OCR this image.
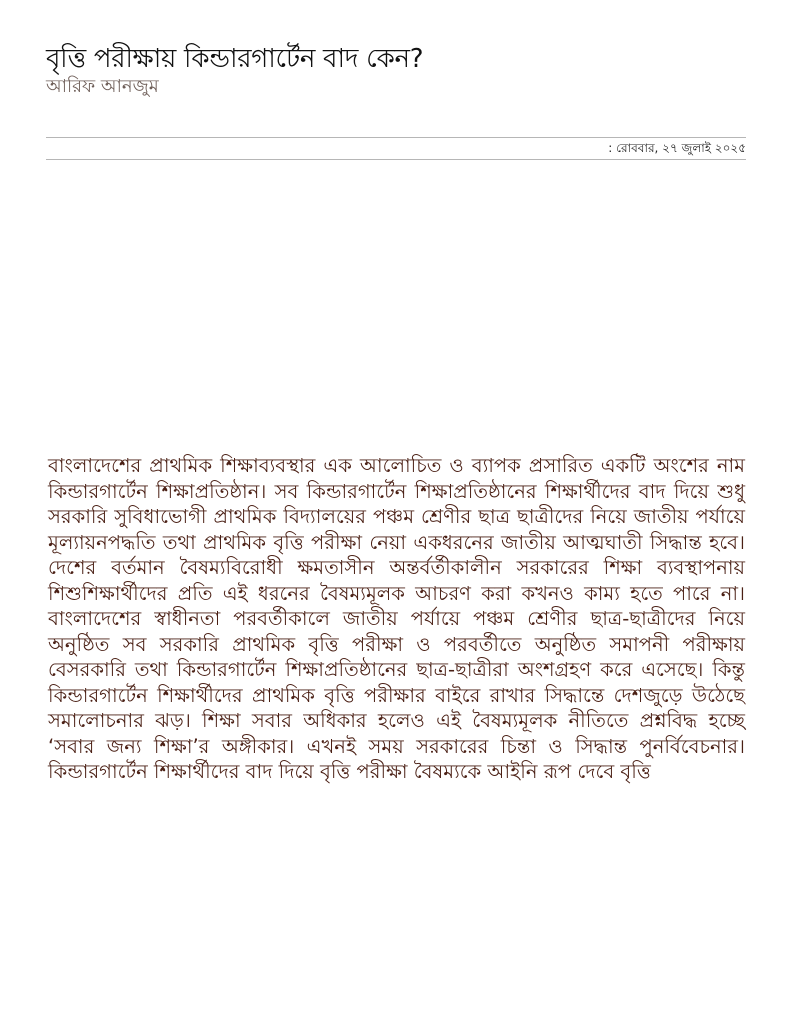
বৃত্তি পরীক্ষায় কিন্ডারগার্টেন বাদ কেন?

আরিফ আনজুম

: রোববার, ২৭ জুলাই ২০২৫

বাংলাদেশের প্রাথমিক শিক্ষাব্যবস্থার এক আলোচিত ও ব্যাপক প্রসারিত একটি অংশের নাম কিন্ডারগার্টেন শিক্ষাপ্রতিষ্ঠান। সব কিন্ডারগার্টেন শিক্ষাপ্রতিষ্ঠানের শিক্ষার্থীদের বাদ দিয়ে শুধু সরকারি সুবিধাভোগী প্রাথমিক বিদ্যালয়ের পঞ্চম শ্রেণীর ছাত্র ছাত্রীদের নিয়ে জাতীয় পর্যায়ে মূল্যায়নপদ্ধতি তথা প্রাথমিক বৃত্তি পরীক্ষা নেয়া একধরনের জাতীয় আত্মঘাতী সিদ্ধান্ত হবে। দেশের বর্তমান বৈষম্যবিরোধী ক্ষমতাসীন অন্তর্বর্তীকালীন সরকারের শিক্ষা ব্যবস্থাপনায় শিশুশিক্ষার্থীদের প্রতি এই ধরনের বৈষম্যমূলক আচরণ করা কখনও কাম্য হতে পারে না। বাংলাদেশের স্বাধীনতা পরবর্তীকালে জাতীয় পর্যায়ে পঞ্চম শ্রেণীর ছাত্র-ছাত্রীদের নিয়ে অনুষ্ঠিত সব সরকারি প্রাথমিক বৃত্তি পরীক্ষা ও পরবর্তীতে অনুষ্ঠিত সমাপনী পরীক্ষায় বেসরকারি তথা কিন্ডারগার্টেন শিক্ষাপ্রতিষ্ঠানের ছাত্র-ছাত্রীরা অংশগ্রহণ করে এসেছে। কিন্তু কিন্ডারগার্টেন শিক্ষার্থীদের প্রাথমিক বৃত্তি পরীক্ষার বাইরে রাখার সিদ্ধান্তে দেশজুড়ে উঠেছে সমালোচনার ঝড়। শিক্ষা সবার অধিকার হলেও এই বৈষম্যমূলক নীতিতে প্রশ্নবিদ্ধ হচ্ছে ‘সবার জন্য শিক্ষা’র অঙ্গীকার। এখনই সময় সরকারের চিন্তা ও সিদ্ধান্ত পুনর্বিবেচনার। কিন্ডারগার্টেন শিক্ষার্থীদের বাদ দিয়ে বৃত্তি পরীক্ষা বৈষম্যকে আইনি রূপ দেবে বৃত্তি
